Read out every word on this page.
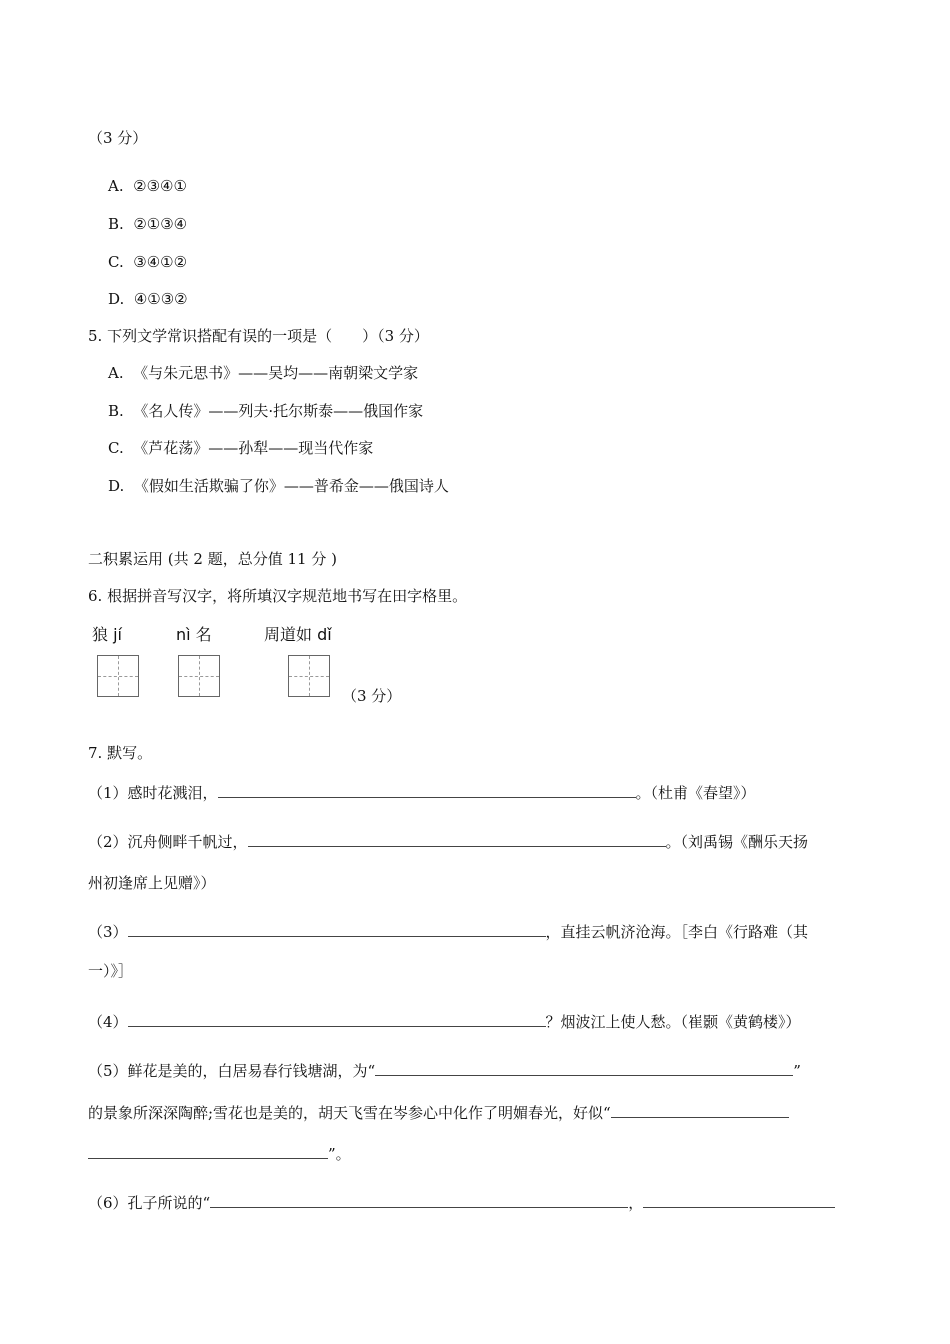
（3 分）
A. ②③④①
B. ②①③④
C. ③④①②
D. ④①③②
5. 下列文学常识搭配有误的一项是（　　）（3 分）
A. 《与朱元思书》——吴均——南朝梁文学家
B. 《名人传》——列夫·托尔斯泰——俄国作家
C. 《芦花荡》——孙犁——现当代作家
D. 《假如生活欺骗了你》——普希金——俄国诗人
二积累运用 (共 2 题，总分值 11 分 )
6. 根据拼音写汉字，将所填汉字规范地书写在田字格里。
狼 jí	nì 名	周道如 dǐ
（3 分）
7. 默写。
（1）感时花溅泪，	。（杜甫《春望》）
（2）沉舟侧畔千帆过，	。（刘禹锡《酬乐天扬
州初逢席上见赠》）
（3）	，直挂云帆济沧海。［李白《行路难（其
一）》］
（4）	？烟波江上使人愁。（崔颢《黄鹤楼》）
（5）鲜花是美的，白居易春行钱塘湖，为“	”
的景象所深深陶醉;雪花也是美的，胡天飞雪在岑参心中化作了明媚春光，好似“
”。
（6）孔子所说的“	，
